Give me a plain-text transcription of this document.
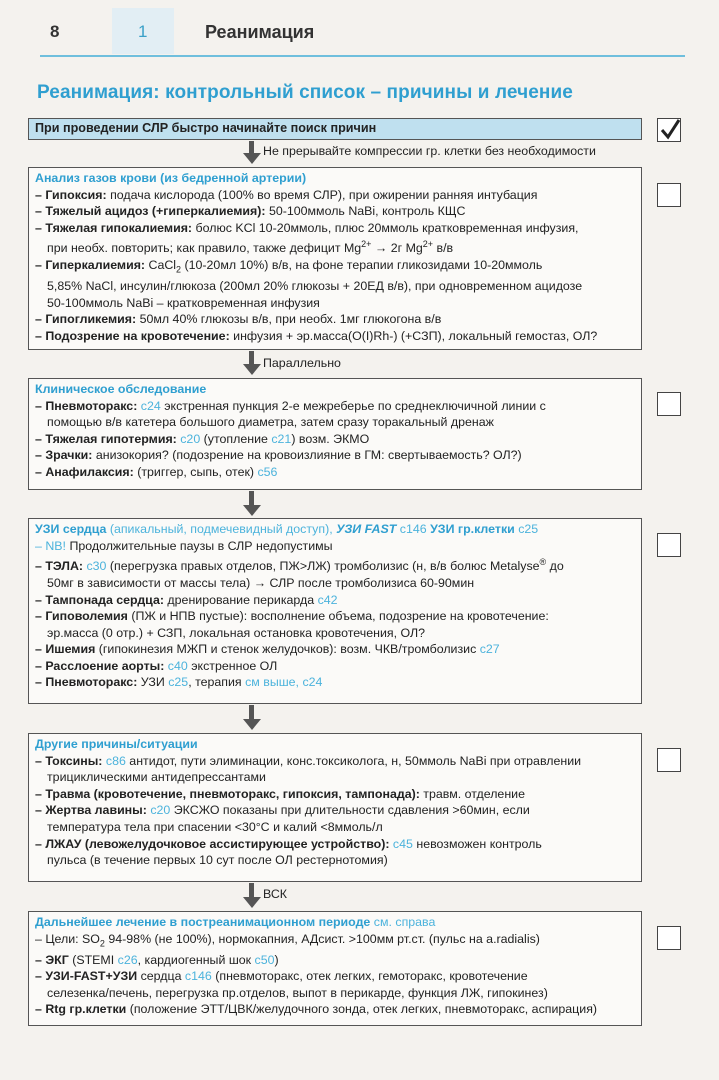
8	1	Реанимация
Реанимация: контрольный список – причины и лечение
При проведении СЛР быстро начинайте поиск причин
Не прерывайте компрессии гр. клетки без необходимости
Анализ газов крови (из бедренной артерии)
– Гипоксия: подача кислорода (100% во время СЛР), при ожирении ранняя интубация
– Тяжелый ацидоз (+гиперкалиемия): 50-100ммоль NaBi, контроль КЩС
– Тяжелая гипокалиемия: болюс KCl 10-20ммоль, плюс 20ммоль кратковременная инфузия,
при необх. повторить; как правило, также дефицит $Mg^{2+} \to 2г$ $Mg^{2+}$ в/в
– Гиперкалиемия: CaCl$_2$ (10-20мл 10%) в/в, на фоне терапии гликозидами 10-20ммоль
5,85% NaCl, инсулин/глюкоза (200мл 20% глюкозы + 20ЕД в/в), при одновременном ацидозе
50-100ммоль NaBi – кратковременная инфузия
– Гипогликемия: 50мл 40% глюкозы в/в, при необх. 1мг глюкогона в/в
– Подозрение на кровотечение: инфузия + эр.масса(O(I)Rh-) (+СЗП), локальный гемостаз, ОЛ?
Параллельно
Клиническое обследование
– Пневмоторакс: с24 экстренная пункция 2-е межреберье по среднеключичной линии с
помощью в/в катетера большого диаметра, затем сразу торакальный дренаж
– Тяжелая гипотермия: с20 (утопление с21) возм. ЭКМО
– Зрачки: анизокория? (подозрение на кровоизлияние в ГМ: свертываемость? ОЛ?)
– Анафилаксия: (триггер, сыпь, отек) с56
УЗИ сердца (апикальный, подмечевидный доступ), УЗИ FAST с146 УЗИ гр.клетки с25
– NB! Продолжительные паузы в СЛР недопустимы
– ТЭЛА: с30 (перегрузка правых отделов, ПЖ>ЛЖ) тромболизис (н, в/в болюс Metalyse® до
50мг в зависимости от массы тела) → СЛР после тромболизиса 60-90мин
– Тампонада сердца: дренирование перикарда с42
– Гиповолемия (ПЖ и НПВ пустые): восполнение объема, подозрение на кровотечение:
эр.масса (0 отр.) + СЗП, локальная остановка кровотечения, ОЛ?
– Ишемия (гипокинезия МЖП и стенок желудочков): возм. ЧКВ/тромболизис с27
– Расслоение аорты: с40 экстренное ОЛ
– Пневмоторакс: УЗИ с25, терапия см выше, с24
Другие причины/ситуации
– Токсины: с86 антидот, пути элиминации, конс.токсиколога, н, 50ммоль NaBi при отравлении
трициклическими антидепрессантами
– Травма (кровотечение, пневмоторакс, гипоксия, тампонада): травм. отделение
– Жертва лавины: с20 ЭКСЖО показаны при длительности сдавления >60мин, если
температура тела при спасении <30°С и калий <8ммоль/л
– ЛЖАУ (левожелудочковое ассистирующее устройство): с45 невозможен контроль
пульса (в течение первых 10 сут после ОЛ рестернотомия)
ВСК
Дальнейшее лечение в постреанимационном периоде см. справа
– Цели: $SO_2$ 94-98% (не 100%), нормокапния, АДсист. >100мм рт.ст. (пульс на a.radialis)
– ЭКГ (STEMI с26, кардиогенный шок с50)
– УЗИ-FAST+УЗИ сердца с146 (пневмоторакс, отек легких, гемоторакс, кровотечение
селезенка/печень, перегрузка пр.отделов, выпот в перикарде, функция ЛЖ, гипокинез)
– Rtg гр.клетки (положение ЭТТ/ЦВК/желудочного зонда, отек легких, пневмоторакс, аспирация)
